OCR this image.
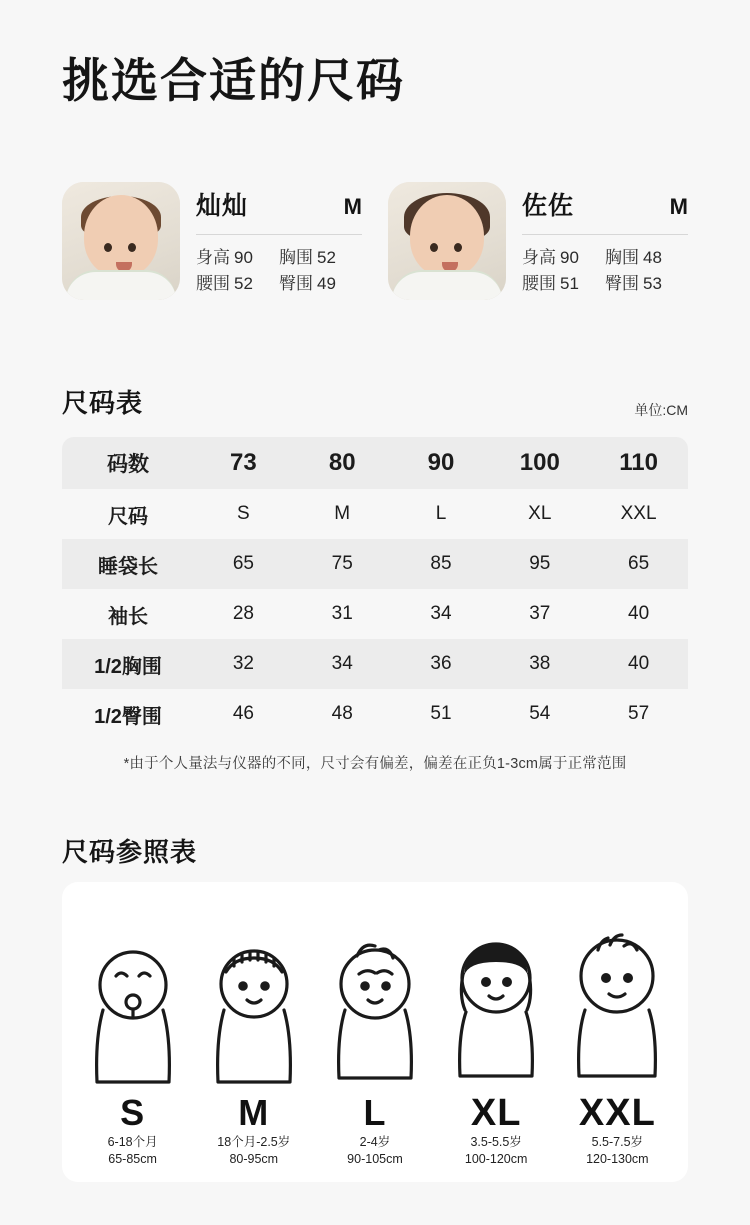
挑选合适的尺码
灿灿	M
身高 90	胸围 52
腰围 52	臀围 49
佐佐	M
身高 90	胸围 48
腰围 51	臀围 53
尺码表	单位:CM
码数	73	80	90	100	110
尺码	S	M	L	XL	XXL
睡袋长	65	75	85	95	65
袖长	28	31	34	37	40
1/2胸围	32	34	36	38	40
1/2臀围	46	48	51	54	57
*由于个人量法与仪器的不同，尺寸会有偏差，偏差在正负1-3cm属于正常范围
尺码参照表
S
6-18个月
65-85cm
M
18个月-2.5岁
80-95cm
L
2-4岁
90-105cm
XL
3.5-5.5岁
100-120cm
XXL
5.5-7.5岁
120-130cm
